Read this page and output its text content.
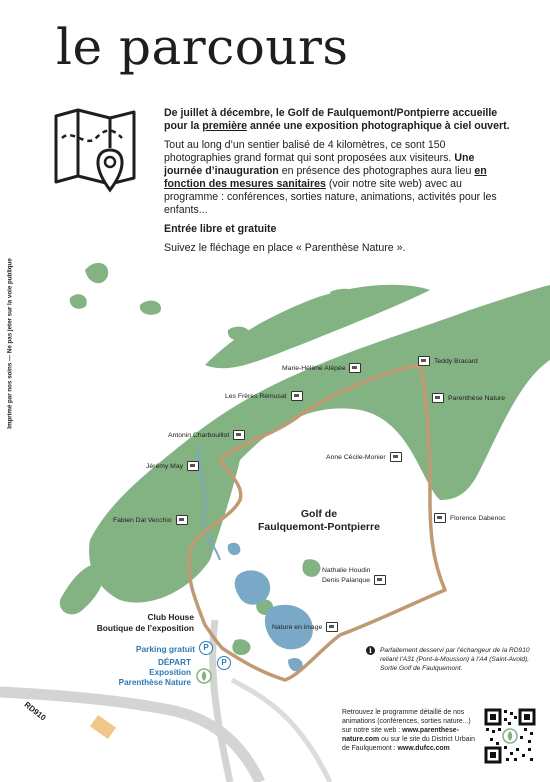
le parcours
Imprimé par nos soins — Ne pas jeter sur la voie publique

De juillet à décembre, le Golf de Faulquemont/Pontpierre accueille pour la première année une exposition photographique à ciel ouvert.

Tout au long d’un sentier balisé de 4 kilomètres, ce sont 150 photographies grand format qui sont proposées aux visiteurs. Une journée d’inauguration en présence des photographes aura lieu en fonction des mesures sanitaires (voir notre site web) avec au programme : conférences, sorties nature, animations, activités pour les enfants...

Entrée libre et gratuite

Suivez le fléchage en place « Parenthèse Nature ».

Teddy Bracard
Marie-Hélène Alépée
Les Frères Rémusat	Parenthèse Nature
Antonin Charbouillot
Anne Cécile-Monier
Jérémy May
Fabien Dal Vecchio	Florence Dabenoc
Nathalie Houdin
Denis Palanque
Nature en image
Golf de
Faulquemont-Pontpierre
Club House
Boutique de l’exposition
Parking gratuit	P
P
DÉPART
Exposition
Parenthèse Nature
RD910
i	Parfaitement desservi par l’échangeur de la RD910 reliant l’A31 (Pont-à-Mousson) à l’A4 (Saint-Avold), Sortie Golf de Faulquemont.
Retrouvez le programme détaillé de nos animations (conférences, sorties nature...) sur notre site web : www.parenthese-nature.com ou sur le site du District Urbain de Faulquemont : www.dufcc.com
